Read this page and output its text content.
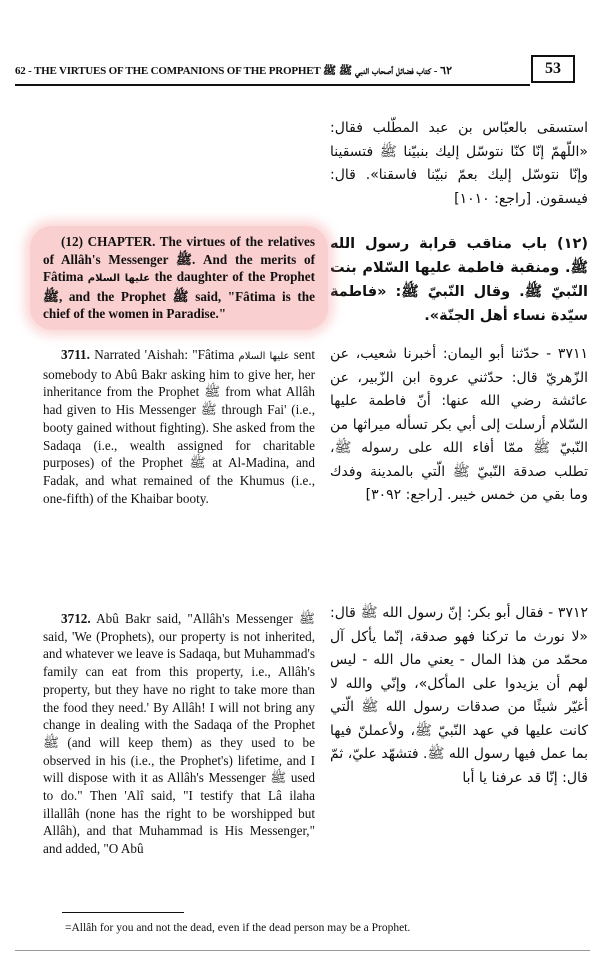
62 - THE VIRTUES OF THE COMPANIONS OF THE PROPHET ﷺ ٦٢ - كتاب فضائل أصحاب النبي ﷺ	53

استسقى بالعبّاس بن عبد المطّلب فقال: «اللّهمّ إنّا كنّا نتوسّل إليك بنبيّنا ﷺ فتسقينا وإنّا نتوسّل إليك بعمّ نبيّنا فاسقنا». قال: فيسقون. [راجع: ١٠١٠]

(١٢) باب مناقب قرابة رسول الله ﷺ. ومنقبة فاطمة عليها السّلام بنت النّبيّ ﷺ. وقال النّبيّ ﷺ: «فاطمة سيّدة نساء أهل الجنّة».

٣٧١١ - حدّثنا أبو اليمان: أخبرنا شعيب، عن الزّهريّ قال: حدّثني عروة ابن الزّبير، عن عائشة رضي الله عنها: أنّ فاطمة عليها السّلام أرسلت إلى أبي بكر تسأله ميراثها من النّبيّ ﷺ ممّا أفاء الله على رسوله ﷺ، تطلب صدقة النّبيّ ﷺ الّتي بالمدينة وفدك وما بقي من خمس خيبر. [راجع: ٣٠٩٢]

٣٧١٢ - فقال أبو بكر: إنّ رسول الله ﷺ قال: «لا نورث ما تركنا فهو صدقة، إنّما يأكل آل محمّد من هذا المال - يعني مال الله - ليس لهم أن يزيدوا على المأكل»، وإنّي والله لا أغيّر شيئًا من صدقات رسول الله ﷺ الّتي كانت عليها في عهد النّبيّ ﷺ، ولأعملنّ فيها بما عمل فيها رسول الله ﷺ. فتشهّد عليّ، ثمّ قال: إنّا قد عرفنا يا أبا

(12) CHAPTER. The virtues of the relatives of Allâh's Messenger ﷺ. And the merits of Fâtima عليها السلام the daughter of the Prophet ﷺ, and the Prophet ﷺ said, "Fâtima is the chief of the women in Paradise."

3711. Narrated 'Aishah: "Fâtima عليها السلام sent somebody to Abû Bakr asking him to give her, her inheritance from the Prophet ﷺ from what Allâh had given to His Messenger ﷺ through Fai' (i.e., booty gained without fighting). She asked from the Sadaqa (i.e., wealth assigned for charitable purposes) of the Prophet ﷺ at Al-Madina, and Fadak, and what remained of the Khumus (i.e., one-fifth) of the Khaibar booty.

3712. Abû Bakr said, "Allâh's Messenger ﷺ said, 'We (Prophets), our property is not inherited, and whatever we leave is Sadaqa, but Muhammad's family can eat from this property, i.e., Allâh's property, but they have no right to take more than the food they need.' By Allâh! I will not bring any change in dealing with the Sadaqa of the Prophet ﷺ (and will keep them) as they used to be observed in his (i.e., the Prophet's) lifetime, and I will dispose with it as Allâh's Messenger ﷺ used to do." Then 'Alî said, "I testify that Lâ ilaha illallâh (none has the right to be worshipped but Allâh), and that Muhammad is His Messenger," and added, "O Abû

=Allâh for you and not the dead, even if the dead person may be a Prophet.
